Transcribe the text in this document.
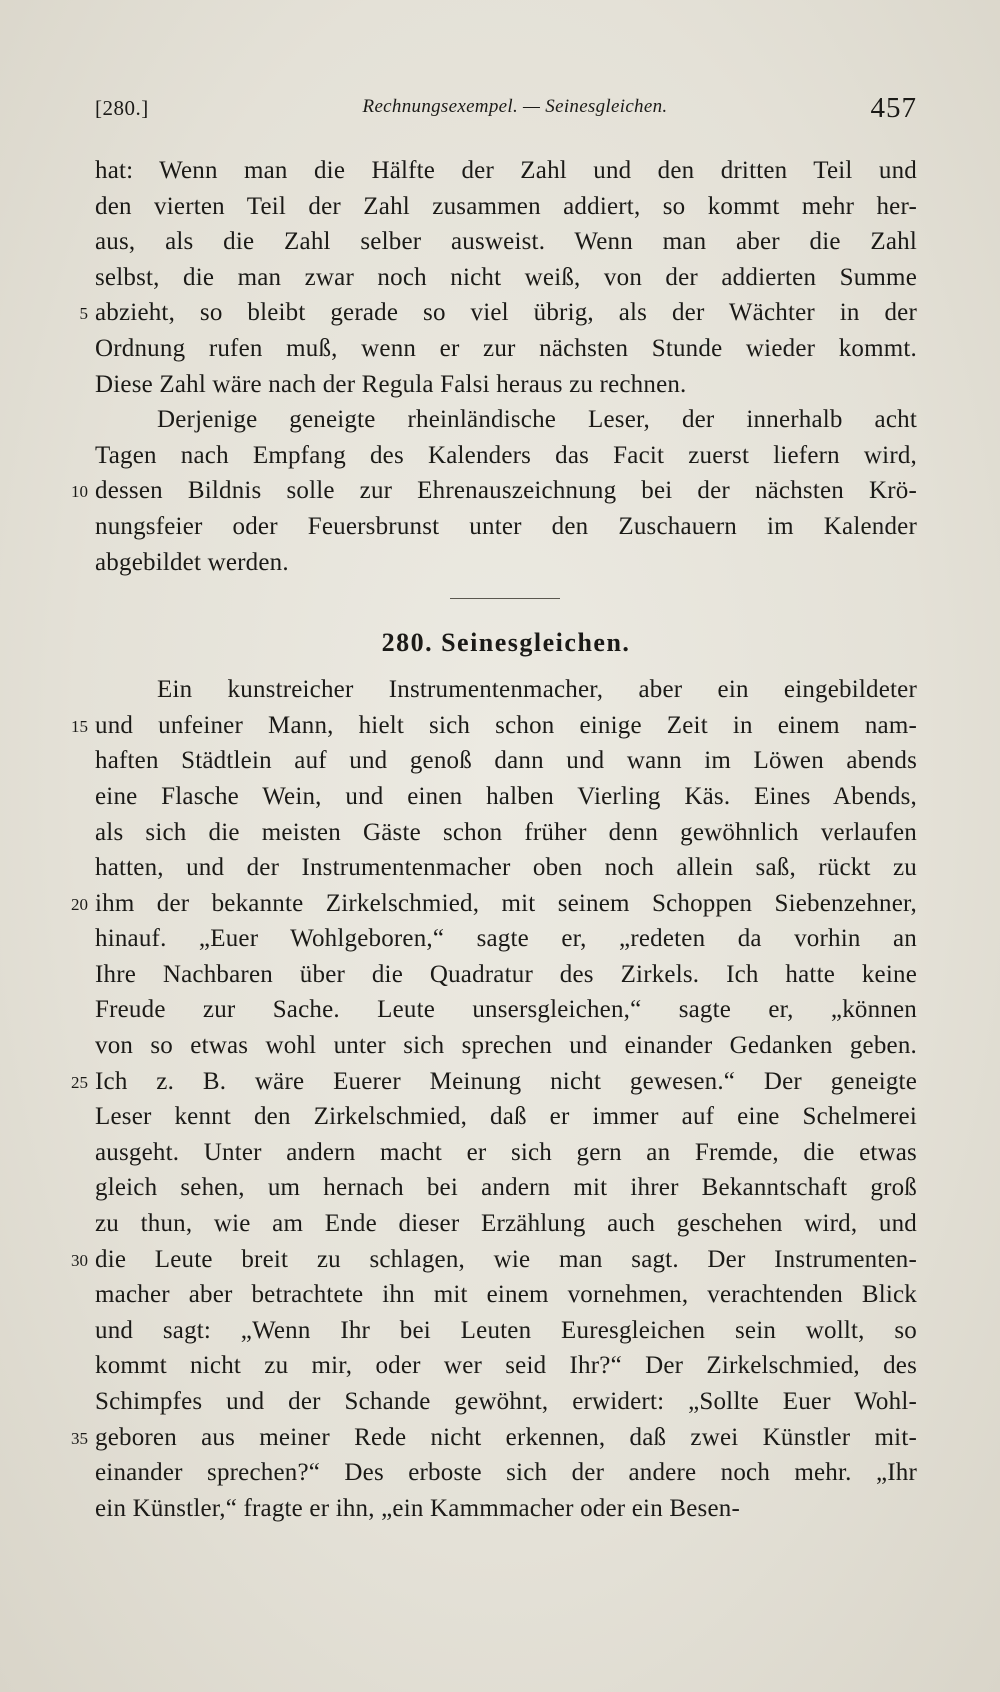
[280.]	Rechnungsexempel. — Seinesgleichen.	457
hat: Wenn man die Hälfte der Zahl und den dritten Teil und
den vierten Teil der Zahl zusammen addiert, so kommt mehr her-
aus, als die Zahl selber ausweist. Wenn man aber die Zahl
selbst, die man zwar noch nicht weiß, von der addierten Summe
5 abzieht, so bleibt gerade so viel übrig, als der Wächter in der
Ordnung rufen muß, wenn er zur nächsten Stunde wieder kommt.
Diese Zahl wäre nach der Regula Falsi heraus zu rechnen.
Derjenige geneigte rheinländische Leser, der innerhalb acht
Tagen nach Empfang des Kalenders das Facit zuerst liefern wird,
10 dessen Bildnis solle zur Ehrenauszeichnung bei der nächsten Krö-
nungsfeier oder Feuersbrunst unter den Zuschauern im Kalender
abgebildet werden.
280. Seinesgleichen.
Ein kunstreicher Instrumentenmacher, aber ein eingebildeter
15 und unfeiner Mann, hielt sich schon einige Zeit in einem nam-
haften Städtlein auf und genoß dann und wann im Löwen abends
eine Flasche Wein, und einen halben Vierling Käs. Eines Abends,
als sich die meisten Gäste schon früher denn gewöhnlich verlaufen
hatten, und der Instrumentenmacher oben noch allein saß, rückt zu
20 ihm der bekannte Zirkelschmied, mit seinem Schoppen Siebenzehner,
hinauf. „Euer Wohlgeboren,“ sagte er, „redeten da vorhin an
Ihre Nachbaren über die Quadratur des Zirkels. Ich hatte keine
Freude zur Sache. Leute unsersgleichen,“ sagte er, „können
von so etwas wohl unter sich sprechen und einander Gedanken geben.
25 Ich z. B. wäre Euerer Meinung nicht gewesen.“ Der geneigte
Leser kennt den Zirkelschmied, daß er immer auf eine Schelmerei
ausgeht. Unter andern macht er sich gern an Fremde, die etwas
gleich sehen, um hernach bei andern mit ihrer Bekanntschaft groß
zu thun, wie am Ende dieser Erzählung auch geschehen wird, und
30 die Leute breit zu schlagen, wie man sagt. Der Instrumenten-
macher aber betrachtete ihn mit einem vornehmen, verachtenden Blick
und sagt: „Wenn Ihr bei Leuten Euresgleichen sein wollt, so
kommt nicht zu mir, oder wer seid Ihr?“ Der Zirkelschmied, des
Schimpfes und der Schande gewöhnt, erwidert: „Sollte Euer Wohl-
35 geboren aus meiner Rede nicht erkennen, daß zwei Künstler mit-
einander sprechen?“ Des erboste sich der andere noch mehr. „Ihr
ein Künstler,“ fragte er ihn, „ein Kammmacher oder ein Besen-
